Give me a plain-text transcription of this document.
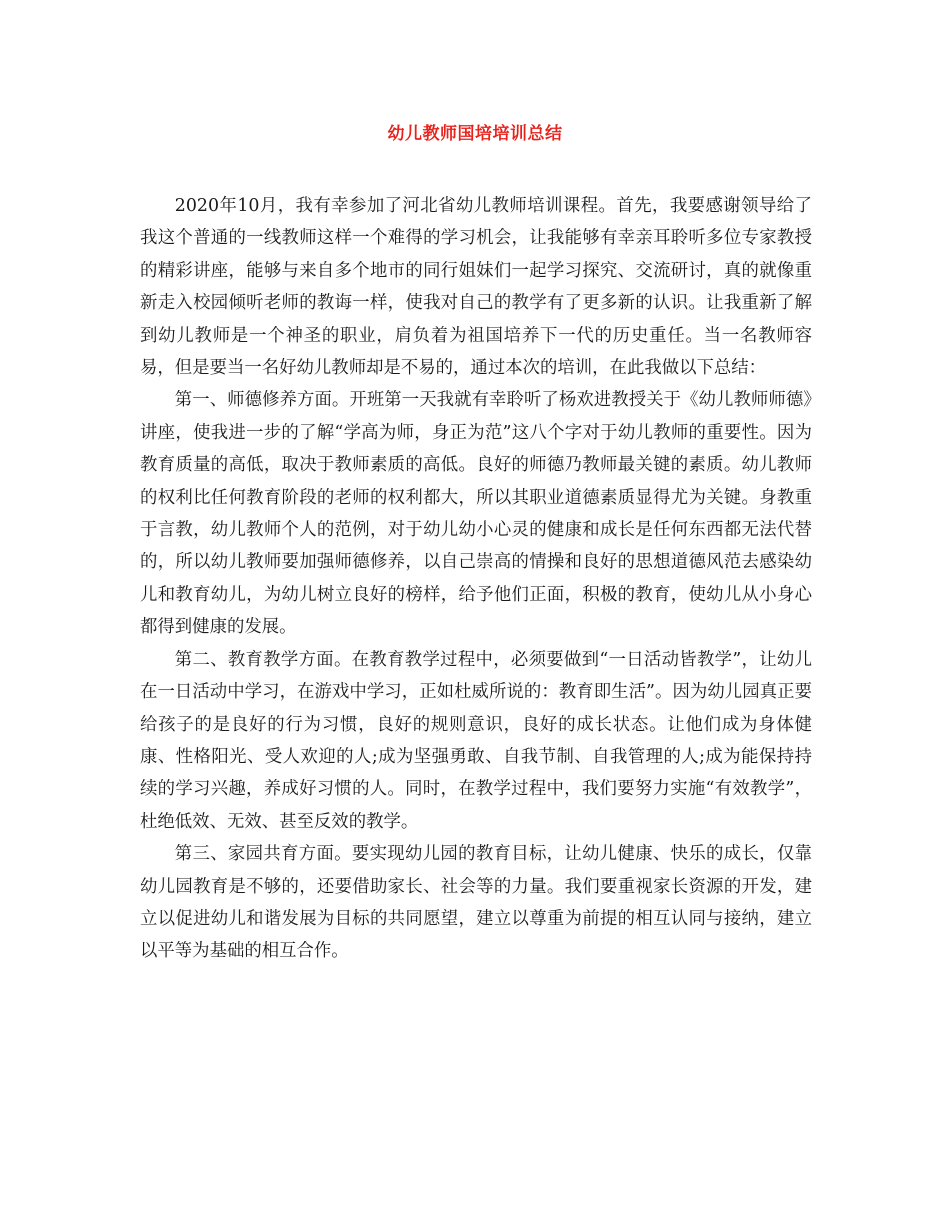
幼儿教师国培培训总结

2020年10月，我有幸参加了河北省幼儿教师培训课程。首先，我要感谢领导给了我这个普通的一线教师这样一个难得的学习机会，让我能够有幸亲耳聆听多位专家教授的精彩讲座，能够与来自多个地市的同行姐妹们一起学习探究、交流研讨，真的就像重新走入校园倾听老师的教诲一样，使我对自己的教学有了更多新的认识。让我重新了解到幼儿教师是一个神圣的职业，肩负着为祖国培养下一代的历史重任。当一名教师容易，但是要当一名好幼儿教师却是不易的，通过本次的培训，在此我做以下总结：

第一、师德修养方面。开班第一天我就有幸聆听了杨欢进教授关于《幼儿教师师德》讲座，使我进一步的了解“学高为师，身正为范”这八个字对于幼儿教师的重要性。因为教育质量的高低，取决于教师素质的高低。良好的师德乃教师最关键的素质。幼儿教师的权利比任何教育阶段的老师的权利都大，所以其职业道德素质显得尤为关键。身教重于言教，幼儿教师个人的范例，对于幼儿幼小心灵的健康和成长是任何东西都无法代替的，所以幼儿教师要加强师德修养，以自己崇高的情操和良好的思想道德风范去感染幼儿和教育幼儿，为幼儿树立良好的榜样，给予他们正面，积极的教育，使幼儿从小身心都得到健康的发展。

第二、教育教学方面。在教育教学过程中，必须要做到“一日活动皆教学”，让幼儿在一日活动中学习，在游戏中学习，正如杜威所说的：教育即生活”。因为幼儿园真正要给孩子的是良好的行为习惯，良好的规则意识，良好的成长状态。让他们成为身体健康、性格阳光、受人欢迎的人;成为坚强勇敢、自我节制、自我管理的人;成为能保持持续的学习兴趣，养成好习惯的人。同时，在教学过程中，我们要努力实施“有效教学”，杜绝低效、无效、甚至反效的教学。

第三、家园共育方面。要实现幼儿园的教育目标，让幼儿健康、快乐的成长，仅靠幼儿园教育是不够的，还要借助家长、社会等的力量。我们要重视家长资源的开发，建立以促进幼儿和谐发展为目标的共同愿望，建立以尊重为前提的相互认同与接纳，建立以平等为基础的相互合作。
